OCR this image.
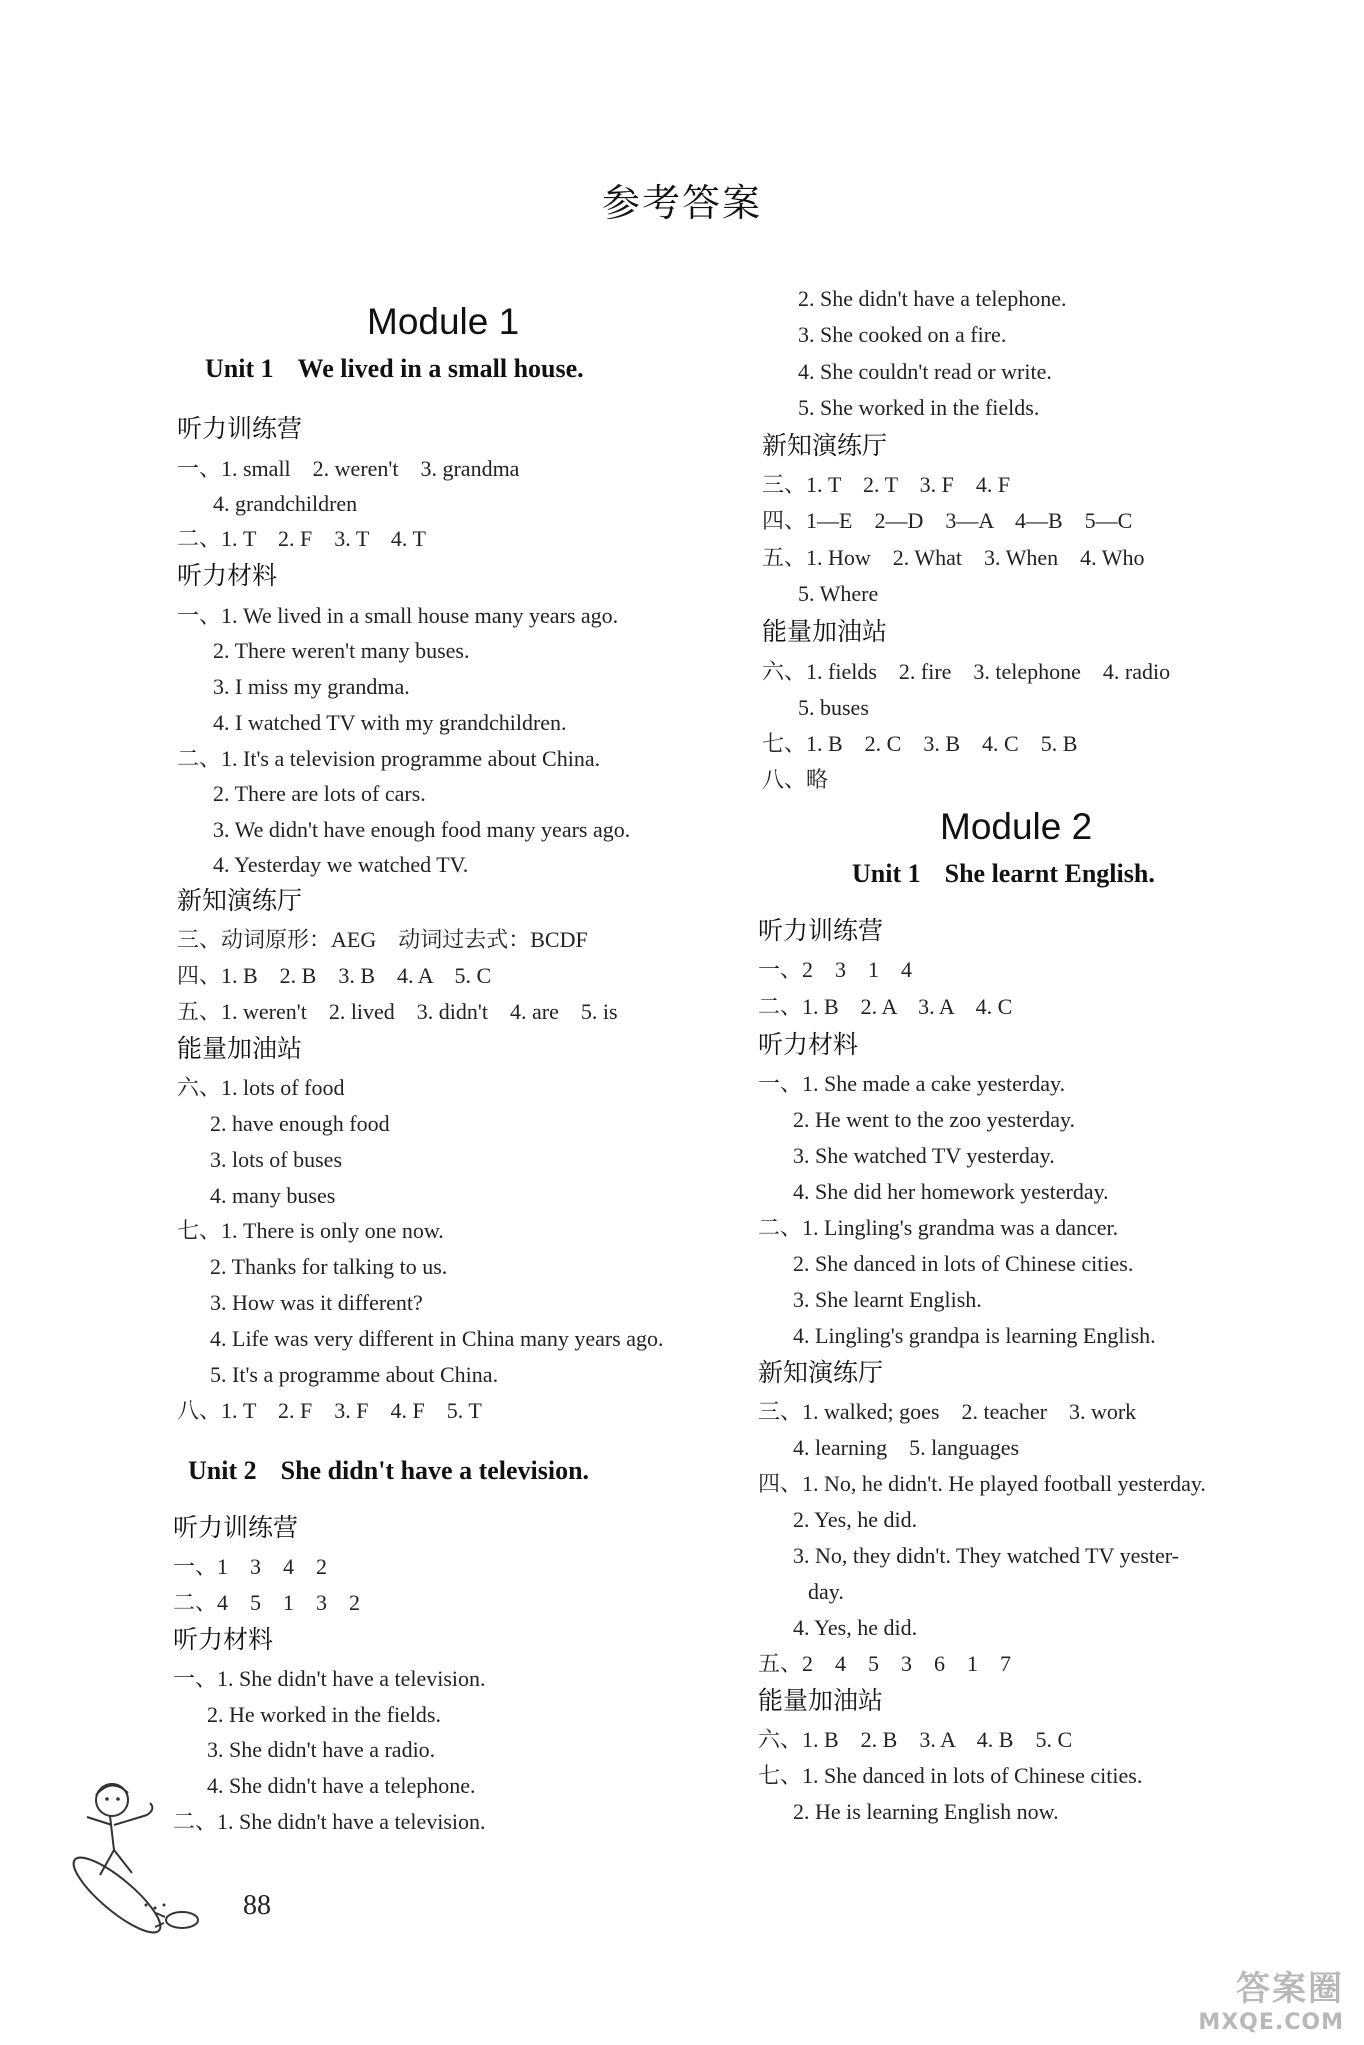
参考答案
Module 1
Unit 1 We lived in a small house.
听力训练营
一、1. small　2. weren't　3. grandma
4. grandchildren
二、1. T　2. F　3. T　4. T
听力材料
一、1. We lived in a small house many years ago.
2. There weren't many buses.
3. I miss my grandma.
4. I watched TV with my grandchildren.
二、1. It's a television programme about China.
2. There are lots of cars.
3. We didn't have enough food many years ago.
4. Yesterday we watched TV.
新知演练厅
三、动词原形：AEG　动词过去式：BCDF
四、1. B　2. B　3. B　4. A　5. C
五、1. weren't　2. lived　3. didn't　4. are　5. is
能量加油站
六、1. lots of food
2. have enough food
3. lots of buses
4. many buses
七、1. There is only one now.
2. Thanks for talking to us.
3. How was it different?
4. Life was very different in China many years ago.
5. It's a programme about China.
八、1. T　2. F　3. F　4. F　5. T
Unit 2 She didn't have a television.
听力训练营
一、1　3　4　2
二、4　5　1　3　2
听力材料
一、1. She didn't have a television.
2. He worked in the fields.
3. She didn't have a radio.
4. She didn't have a telephone.
二、1. She didn't have a television.
2. She didn't have a telephone.
3. She cooked on a fire.
4. She couldn't read or write.
5. She worked in the fields.
新知演练厅
三、1. T　2. T　3. F　4. F
四、1—E　2—D　3—A　4—B　5—C
五、1. How　2. What　3. When　4. Who
5. Where
能量加油站
六、1. fields　2. fire　3. telephone　4. radio
5. buses
七、1. B　2. C　3. B　4. C　5. B
八、略
Module 2
Unit 1 She learnt English.
听力训练营
一、2　3　1　4
二、1. B　2. A　3. A　4. C
听力材料
一、1. She made a cake yesterday.
2. He went to the zoo yesterday.
3. She watched TV yesterday.
4. She did her homework yesterday.
二、1. Lingling's grandma was a dancer.
2. She danced in lots of Chinese cities.
3. She learnt English.
4. Lingling's grandpa is learning English.
新知演练厅
三、1. walked; goes　2. teacher　3. work
4. learning　5. languages
四、1. No, he didn't. He played football yesterday.
2. Yes, he did.
3. No, they didn't. They watched TV yester-
day.
4. Yes, he did.
五、2　4　5　3　6　1　7
能量加油站
六、1. B　2. B　3. A　4. B　5. C
七、1. She danced in lots of Chinese cities.
2. He is learning English now.
88
答案圈
MXQE.COM
